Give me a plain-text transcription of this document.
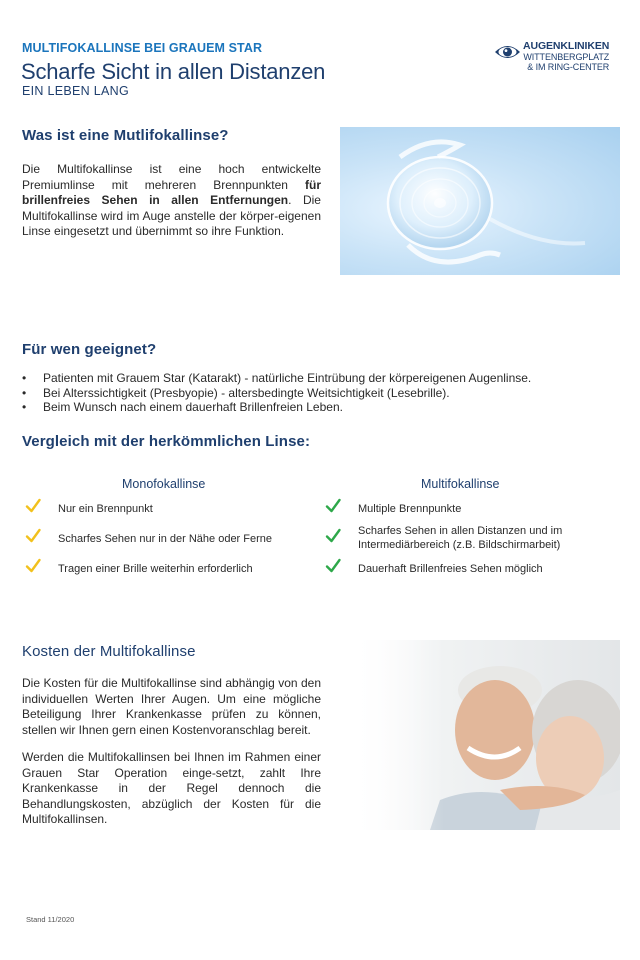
MULTIFOKALLINSE BEI GRAUEM STAR
Scharfe Sicht in allen Distanzen

EIN LEBEN LANG

AUGENKLINIKEN
WITTENBERGPLATZ
& IM RING-CENTER
Was ist eine Mutlifokallinse?

Die Multifokallinse ist eine hoch entwickelte Premiumlinse mit mehreren Brennpunkten für brillenfreies Sehen in allen Entfernungen. Die Multifokallinse wird im Auge anstelle der körper-eigenen Linse eingesetzt und übernimmt so ihre Funktion.

Für wen geeignet?
• Patienten mit Grauem Star (Katarakt) - natürliche Eintrübung der körpereigenen Augenlinse.
• Bei Alterssichtigkeit (Presbyopie) - altersbedingte Weitsichtigkeit (Lesebrille).
• Beim Wunsch nach einem dauerhaft Brillenfreien Leben.
Vergleich mit der herkömmlichen Linse:

Monofokallinse	Multifokallinse

Nur ein Brennpunkt
Scharfes Sehen nur in der Nähe oder Ferne
Tragen einer Brille weiterhin erforderlich
Multiple Brennpunkte
Scharfes Sehen in allen Distanzen und im Intermediärbereich (z.B. Bildschirmarbeit)
Dauerhaft Brillenfreies Sehen möglich
Kosten der Multifokallinse

Die Kosten für die Multifokallinse sind abhängig von den individuellen Werten Ihrer Augen. Um eine mögliche Beteiligung Ihrer Krankenkasse prüfen zu können, stellen wir Ihnen gern einen Kostenvoranschlag bereit.

Werden die Multifokallinsen bei Ihnen im Rahmen einer Grauen Star Operation einge-setzt, zahlt Ihre Krankenkasse in der Regel dennoch die Behandlungskosten, abzüglich der Kosten für die Multifokallinsen.

Stand 11/2020
